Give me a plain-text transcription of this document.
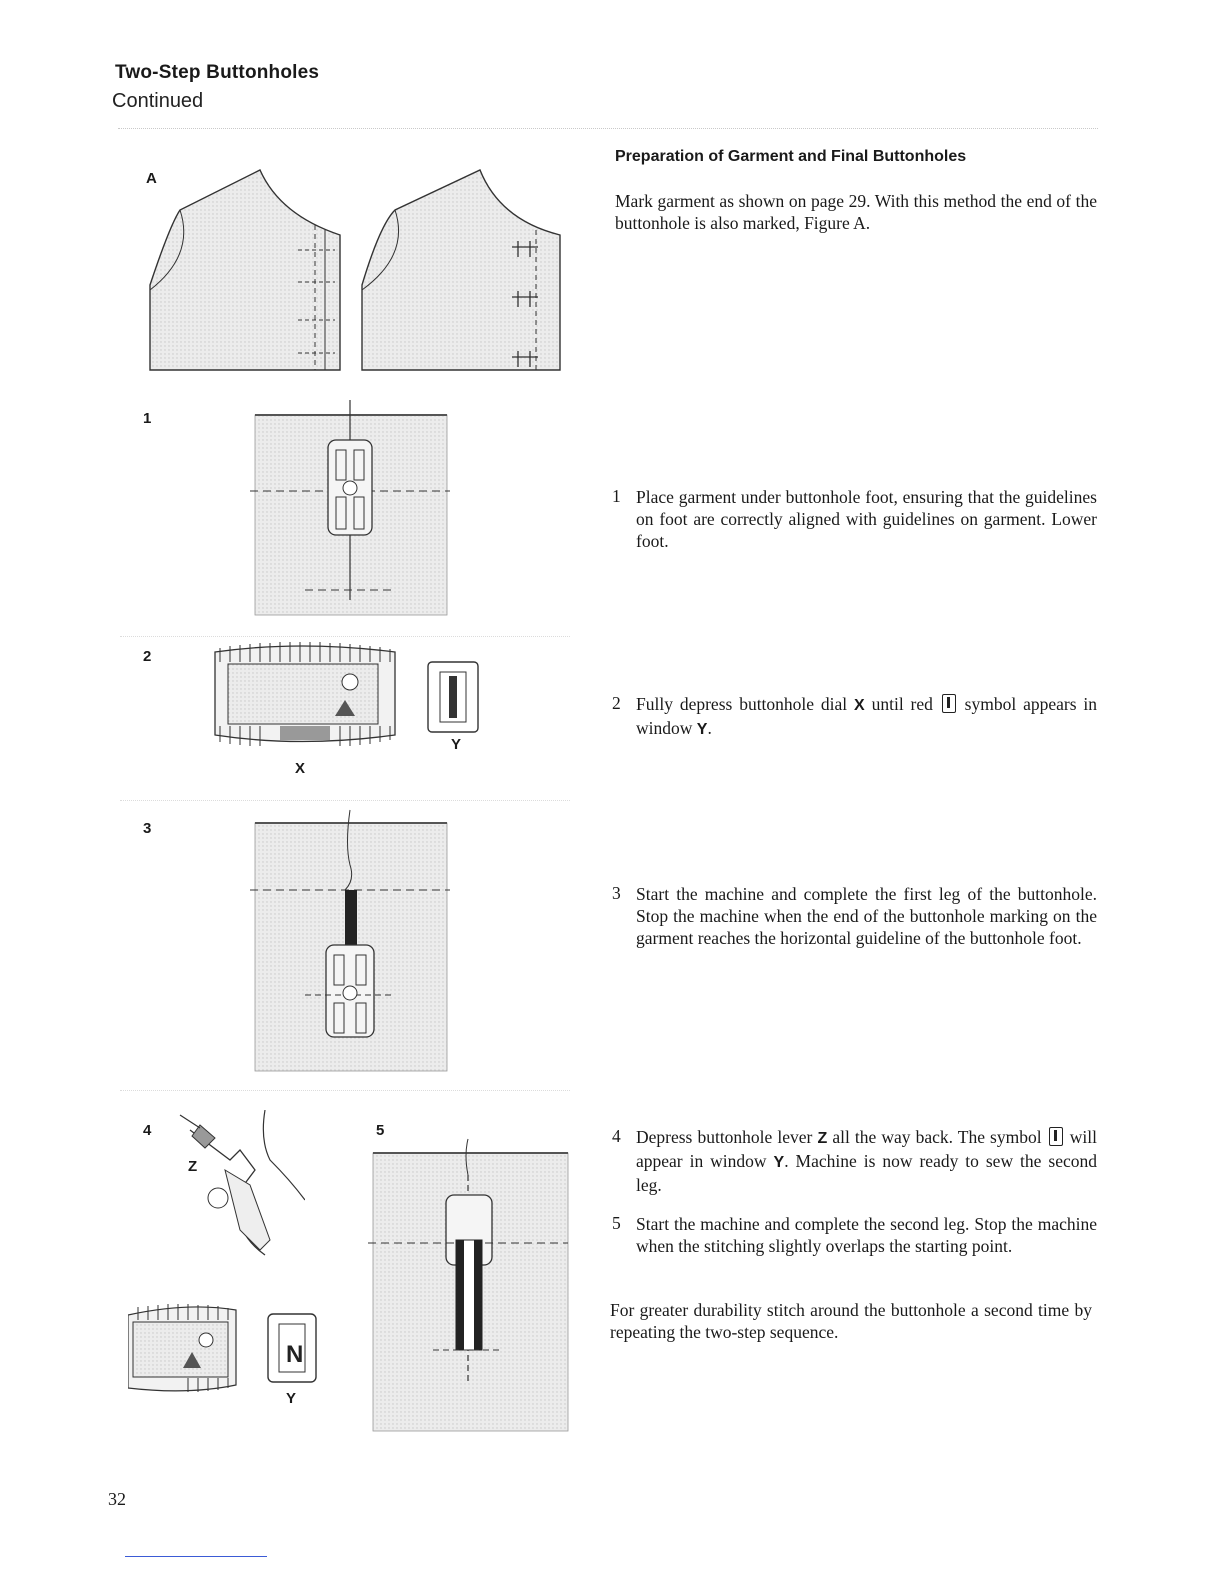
Two-Step Buttonholes
Continued
A
1
2
X
Y
3
4
Z
N
Y
5
Preparation of Garment and Final Buttonholes
Mark garment as shown on page 29. With this method the end of the buttonhole is also marked, Figure A.
1 Place garment under buttonhole foot, ensuring that the guidelines on foot are correctly aligned with guidelines on garment. Lower foot.
2 Fully depress buttonhole dial X until red  symbol appears in window Y.
3 Start the machine and complete the first leg of the buttonhole. Stop the machine when the end of the buttonhole marking on the garment reaches the horizontal guideline of the buttonhole foot.
4 Depress buttonhole lever Z all the way back. The symbol  will appear in window Y. Machine is now ready to sew the second leg.
5 Start the machine and complete the second leg. Stop the machine when the stitching slightly overlaps the starting point.
For greater durability stitch around the buttonhole a second time by repeating the two-step sequence.
32
